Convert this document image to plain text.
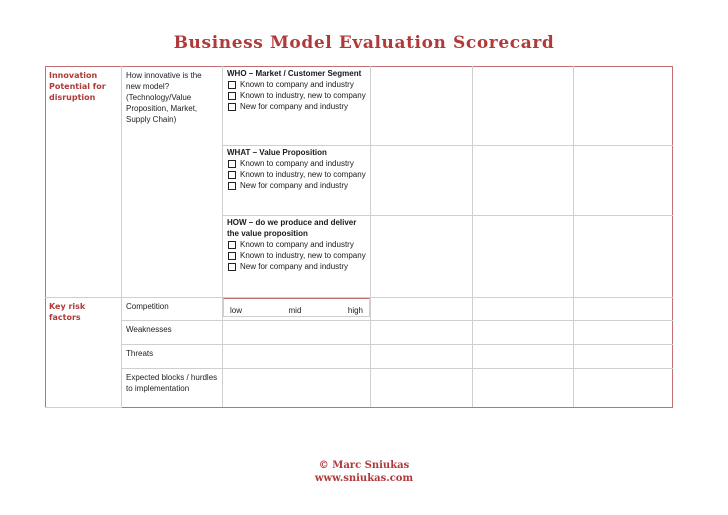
Business Model Evaluation Scorecard
Innovation Potential for disruption	How innovative is the new model? (Technology/Value Proposition, Market, Supply Chain)	WHO – Market / Customer Segment
Known to company and industry
Known to industry, new to company
New for company and industry			

		WHAT – Value Proposition
Known to company and industry
Known to industry, new to company
New for company and industry			

		HOW – do we produce and deliver the value proposition
Known to company and industry
Known to industry, new to company
New for company and industry			

Key risk factors	Competition		low	mid	high

	Weaknesses				
	Threats				
	Expected blocks / hurdles to implementation				
© Marc Sniukas
www.sniukas.com
